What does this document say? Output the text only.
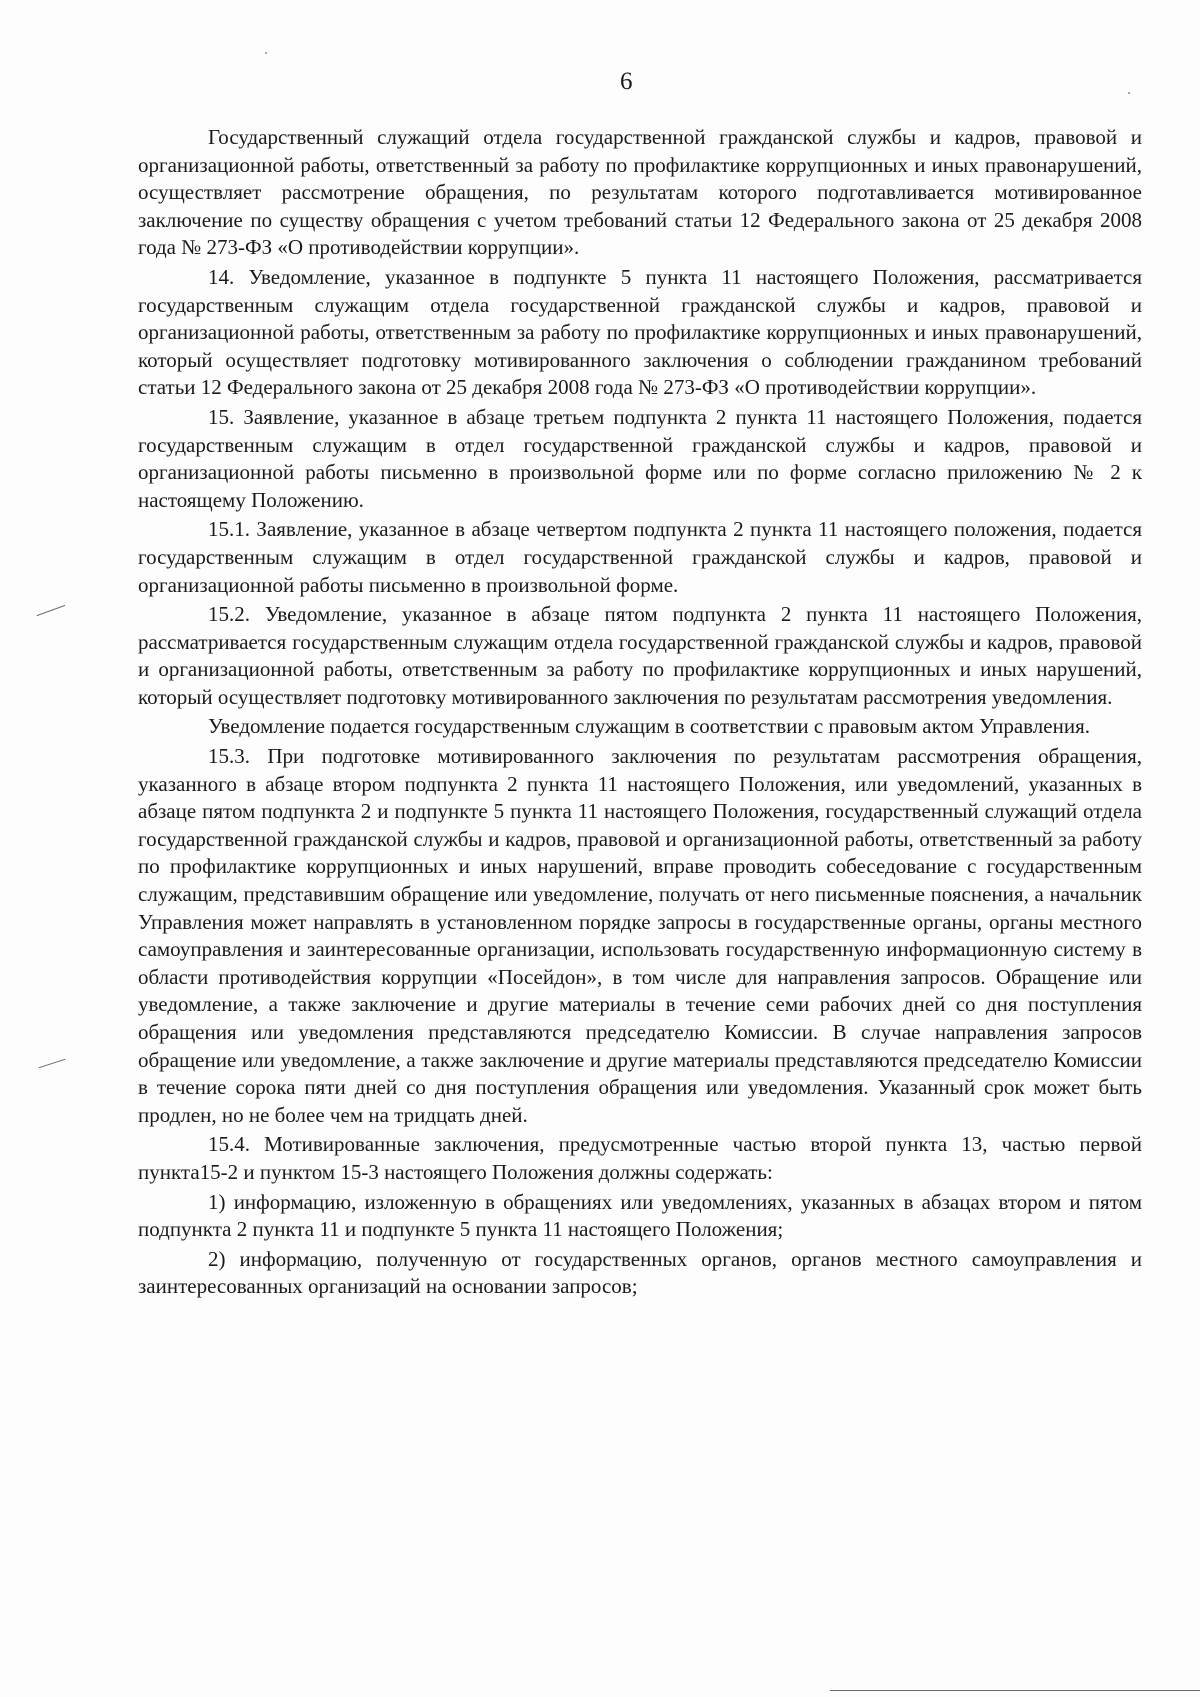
6

Государственный служащий отдела государственной гражданской службы и кадров, правовой и организационной работы, ответственный за работу по профилактике коррупционных и иных правонарушений, осуществляет рассмотрение обращения, по результатам которого подготавливается мотивированное заключение по существу обращения с учетом требований статьи 12 Федерального закона от 25 декабря 2008 года № 273-ФЗ «О противодействии коррупции».

14. Уведомление, указанное в подпункте 5 пункта 11 настоящего Положения, рассматривается государственным служащим отдела государственной гражданской службы и кадров, правовой и организационной работы, ответственным за работу по профилактике коррупционных и иных правонарушений, который осуществляет подготовку мотивированного заключения о соблюдении гражданином требований статьи 12 Федерального закона от 25 декабря 2008 года № 273-ФЗ «О противодействии коррупции».

15. Заявление, указанное в абзаце третьем подпункта 2 пункта 11 настоящего Положения, подается государственным служащим в отдел государственной гражданской службы и кадров, правовой и организационной работы письменно в произвольной форме или по форме согласно приложению № 2 к настоящему Положению.

15.1. Заявление, указанное в абзаце четвертом подпункта 2 пункта 11 настоящего положения, подается государственным служащим в отдел государственной гражданской службы и кадров, правовой и организационной работы письменно в произвольной форме.

15.2. Уведомление, указанное в абзаце пятом подпункта 2 пункта 11 настоящего Положения, рассматривается государственным служащим отдела государственной гражданской службы и кадров, правовой и организационной работы, ответственным за работу по профилактике коррупционных и иных нарушений, который осуществляет подготовку мотивированного заключения по результатам рассмотрения уведомления.

Уведомление подается государственным служащим в соответствии с правовым актом Управления.

15.3. При подготовке мотивированного заключения по результатам рассмотрения обращения, указанного в абзаце втором подпункта 2 пункта 11 настоящего Положения, или уведомлений, указанных в абзаце пятом подпункта 2 и подпункте 5 пункта 11 настоящего Положения, государственный служащий отдела государственной гражданской службы и кадров, правовой и организационной работы, ответственный за работу по профилактике коррупционных и иных нарушений, вправе проводить собеседование с государственным служащим, представившим обращение или уведомление, получать от него письменные пояснения, а начальник Управления может направлять в установленном порядке запросы в государственные органы, органы местного самоуправления и заинтересованные организации, использовать государственную информационную систему в области противодействия коррупции «Посейдон», в том числе для направления запросов. Обращение или уведомление, а также заключение и другие материалы в течение семи рабочих дней со дня поступления обращения или уведомления представляются председателю Комиссии. В случае направления запросов обращение или уведомление, а также заключение и другие материалы представляются председателю Комиссии в течение сорока пяти дней со дня поступления обращения или уведомления. Указанный срок может быть продлен, но не более чем на тридцать дней.

15.4. Мотивированные заключения, предусмотренные частью второй пункта 13, частью первой пункта15-2 и пунктом 15-3 настоящего Положения должны содержать:

1) информацию, изложенную в обращениях или уведомлениях, указанных в абзацах втором и пятом подпункта 2 пункта 11 и подпункте 5 пункта 11 настоящего Положения;

2) информацию, полученную от государственных органов, органов местного самоуправления и заинтересованных организаций на основании запросов;
